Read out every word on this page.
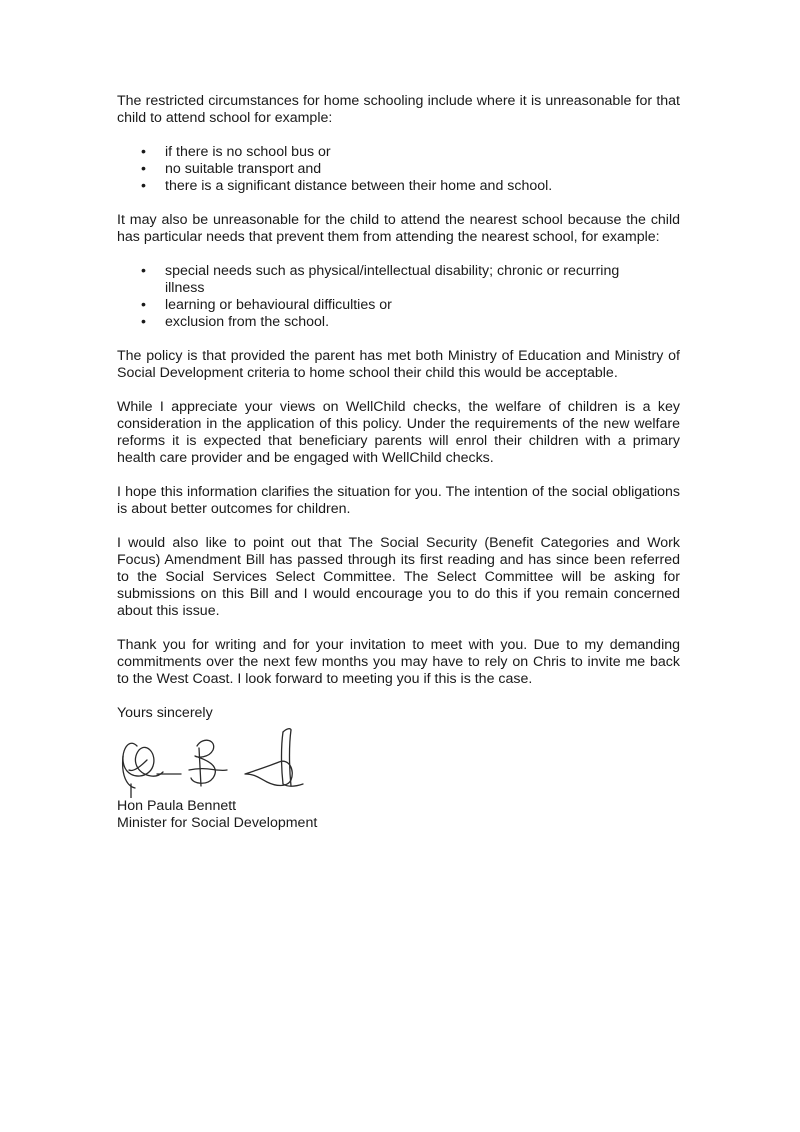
The restricted circumstances for home schooling include where it is unreasonable for that child to attend school for example:

• if there is no school bus or
• no suitable transport and
• there is a significant distance between their home and school.

It may also be unreasonable for the child to attend the nearest school because the child has particular needs that prevent them from attending the nearest school, for example:

• special needs such as physical/intellectual disability; chronic or recurring illness
• learning or behavioural difficulties or
• exclusion from the school.

The policy is that provided the parent has met both Ministry of Education and Ministry of Social Development criteria to home school their child this would be acceptable.

While I appreciate your views on WellChild checks, the welfare of children is a key consideration in the application of this policy. Under the requirements of the new welfare reforms it is expected that beneficiary parents will enrol their children with a primary health care provider and be engaged with WellChild checks.

I hope this information clarifies the situation for you. The intention of the social obligations is about better outcomes for children.

I would also like to point out that The Social Security (Benefit Categories and Work Focus) Amendment Bill has passed through its first reading and has since been referred to the Social Services Select Committee. The Select Committee will be asking for submissions on this Bill and I would encourage you to do this if you remain concerned about this issue.

Thank you for writing and for your invitation to meet with you. Due to my demanding commitments over the next few months you may have to rely on Chris to invite me back to the West Coast. I look forward to meeting you if this is the case.

Yours sincerely

Hon Paula Bennett

Minister for Social Development
